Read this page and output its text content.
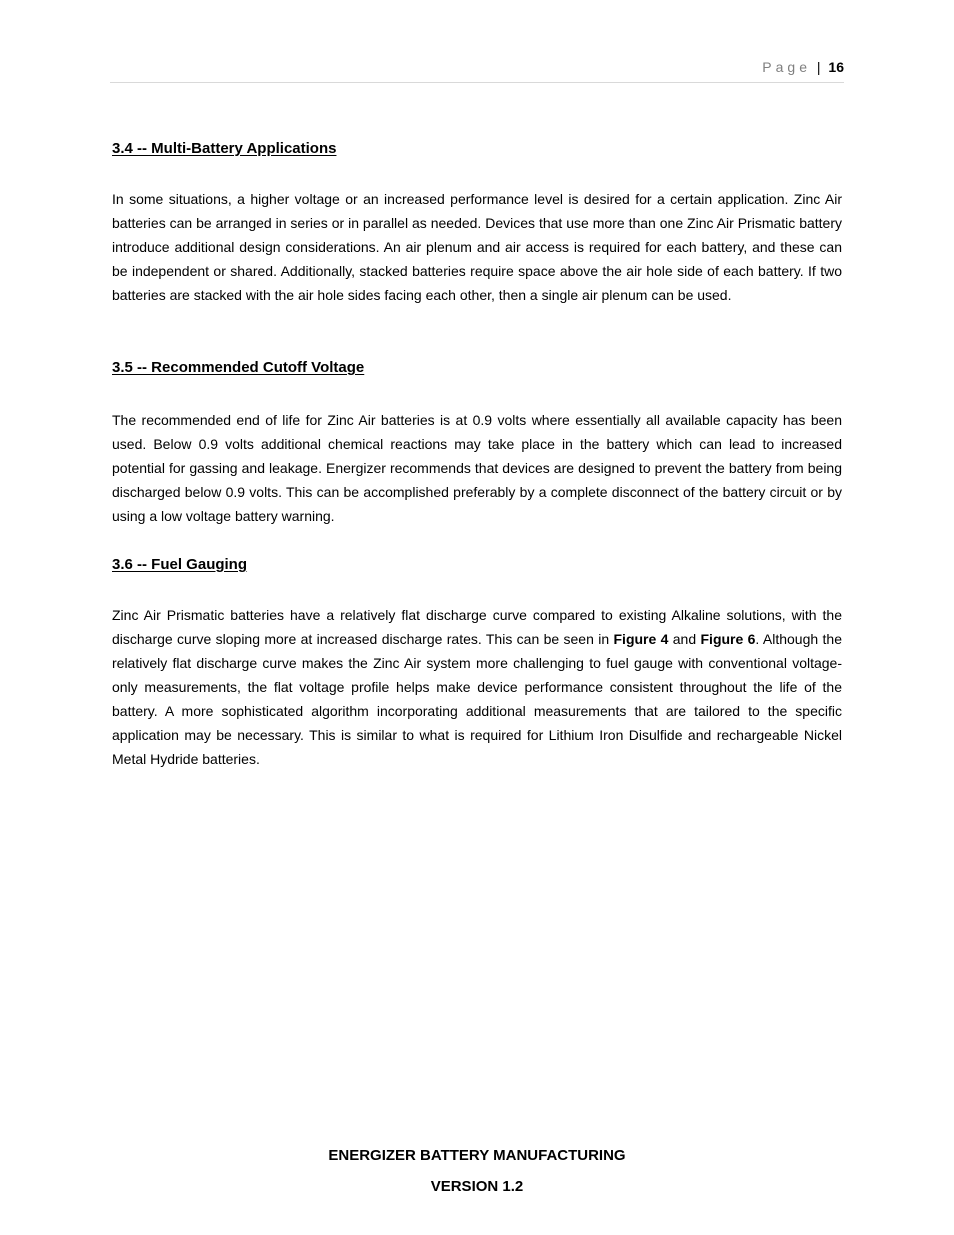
Page | 16
3.4 -- Multi-Battery Applications

In some situations, a higher voltage or an increased performance level is desired for a certain application. Zinc Air batteries can be arranged in series or in parallel as needed. Devices that use more than one Zinc Air Prismatic battery introduce additional design considerations. An air plenum and air access is required for each battery, and these can be independent or shared. Additionally, stacked batteries require space above the air hole side of each battery. If two batteries are stacked with the air hole sides facing each other, then a single air plenum can be used.

3.5 -- Recommended Cutoff Voltage

The recommended end of life for Zinc Air batteries is at 0.9 volts where essentially all available capacity has been used. Below 0.9 volts additional chemical reactions may take place in the battery which can lead to increased potential for gassing and leakage. Energizer recommends that devices are designed to prevent the battery from being discharged below 0.9 volts. This can be accomplished preferably by a complete disconnect of the battery circuit or by using a low voltage battery warning.

3.6 -- Fuel Gauging

Zinc Air Prismatic batteries have a relatively flat discharge curve compared to existing Alkaline solutions, with the discharge curve sloping more at increased discharge rates. This can be seen in Figure 4 and Figure 6. Although the relatively flat discharge curve makes the Zinc Air system more challenging to fuel gauge with conventional voltage-only measurements, the flat voltage profile helps make device performance consistent throughout the life of the battery. A more sophisticated algorithm incorporating additional measurements that are tailored to the specific application may be necessary. This is similar to what is required for Lithium Iron Disulfide and rechargeable Nickel Metal Hydride batteries.

ENERGIZER BATTERY MANUFACTURING
VERSION 1.2
